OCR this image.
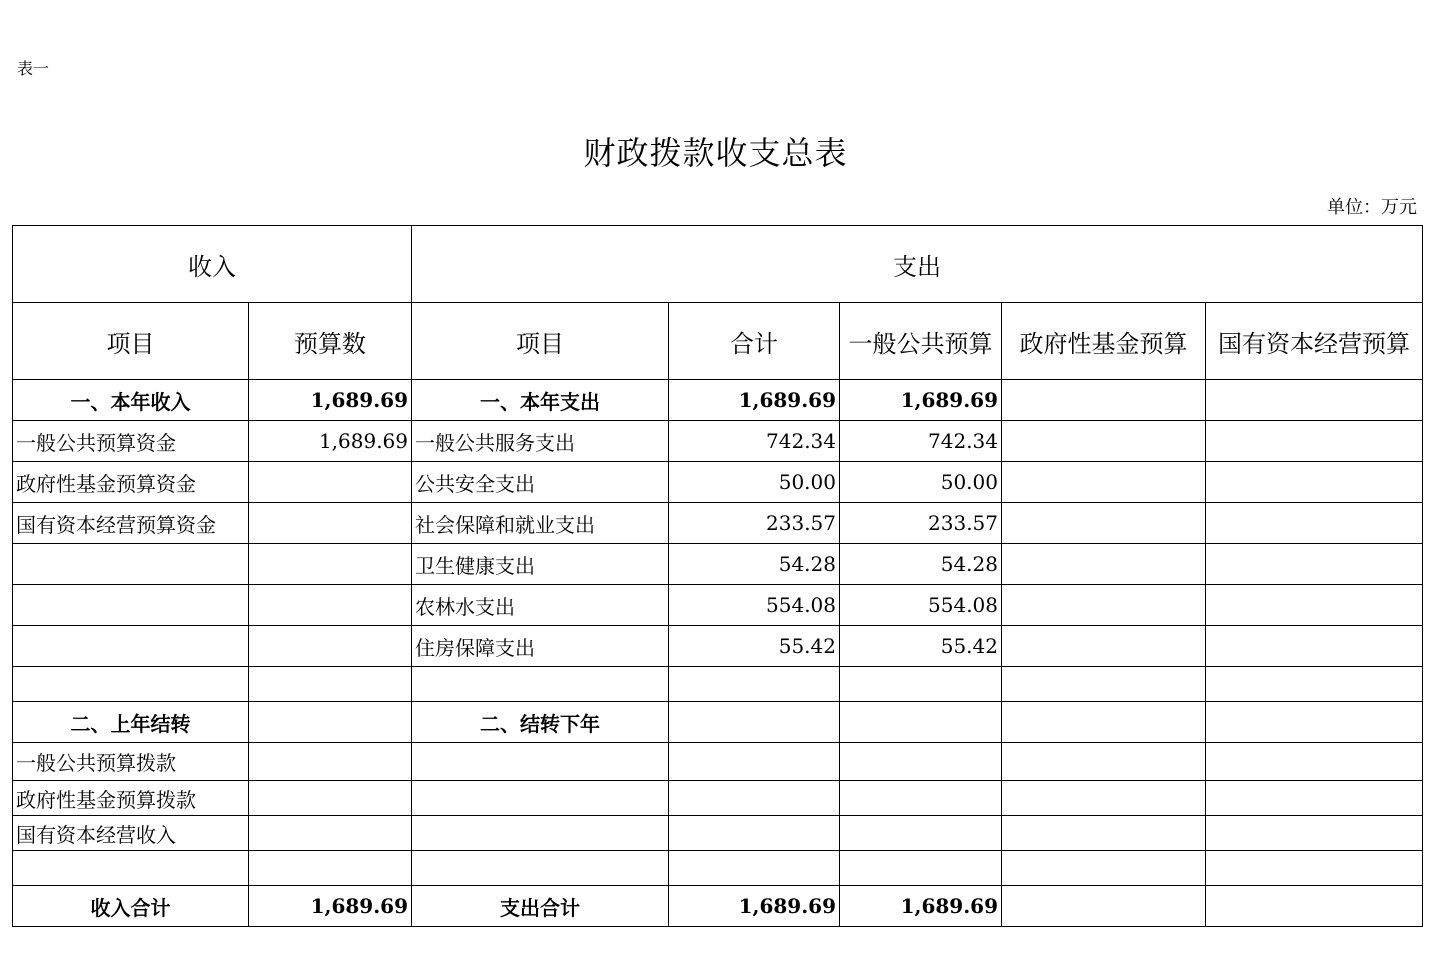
表一
财政拨款收支总表
单位：万元
收入		支出				
项目	预算数	项目	合计	一般公共预算	政府性基金预算	国有资本经营预算
一、本年收入	1,689.69	一、本年支出	1,689.69	1,689.69		
一般公共预算资金	1,689.69	一般公共服务支出	742.34	742.34		
政府性基金预算资金		公共安全支出	50.00	50.00		
国有资本经营预算资金		社会保障和就业支出	233.57	233.57		
		卫生健康支出	54.28	54.28		
		农林水支出	554.08	554.08		
		住房保障支出	55.42	55.42		

二、上年结转		二、结转下年				
一般公共预算拨款						
政府性基金预算拨款						
国有资本经营收入						

收入合计	1,689.69	支出合计	1,689.69	1,689.69		
